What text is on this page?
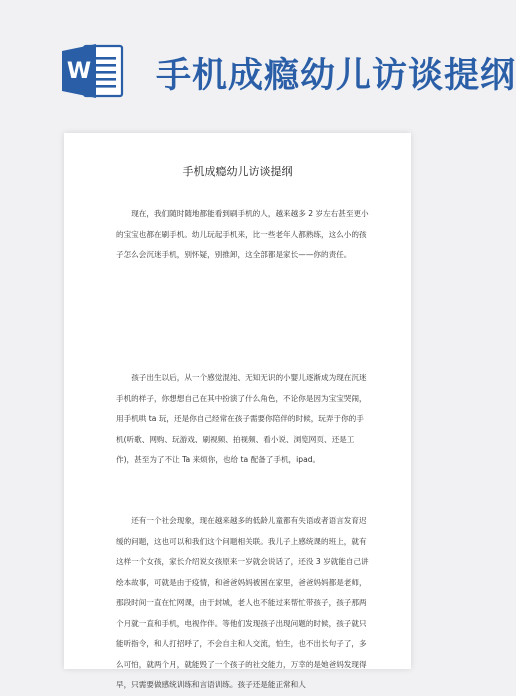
W 手机成瘾幼儿访谈提纲
手机成瘾幼儿访谈提纲

现在，我们随时随地都能看到刷手机的人，越来越多 2 岁左右甚至更小的宝宝也都在刷手机。幼儿玩起手机来，比一些老年人都熟练，这么小的孩子怎么会沉迷手机，别怀疑，别推卸，这全部都是家长——你的责任。

孩子出生以后，从一个感觉混沌、无知无识的小婴儿逐渐成为现在沉迷手机的样子，你想想自己在其中扮演了什么角色，不论你是因为宝宝哭闹，用手机哄 ta 玩，还是你自己经常在孩子需要你陪伴的时候，玩弄于你的手机(听歌、网购、玩游戏、刷视频、拍视频、看小说、浏览网页、还是工作)，甚至为了不让 Ta 来烦你，也给 ta 配备了手机，ipad。

还有一个社会现象，现在越来越多的低龄儿童都有失语或者语言发育迟缓的问题，这也可以和我们这个问题相关联。我儿子上感统课的班上，就有这样一个女孩，家长介绍说女孩原来一岁就会说话了，还没 3 岁就能自己讲绘本故事，可就是由于疫情，和爸爸妈妈被困在家里，爸爸妈妈都是老师，那段时间一直在忙网课，由于封城，老人也不能过来帮忙带孩子，孩子那两个月就一直和手机，电视作伴。等他们发现孩子出现问题的时候，孩子就只能听指令，和人打招呼了，不会自主和人交流，怕生，也不出长句子了，多么可怕，就两个月，就能毁了一个孩子的社交能力，万幸的是她爸妈发现得早，只需要做感统训练和言语训练。孩子还是能正常和人
